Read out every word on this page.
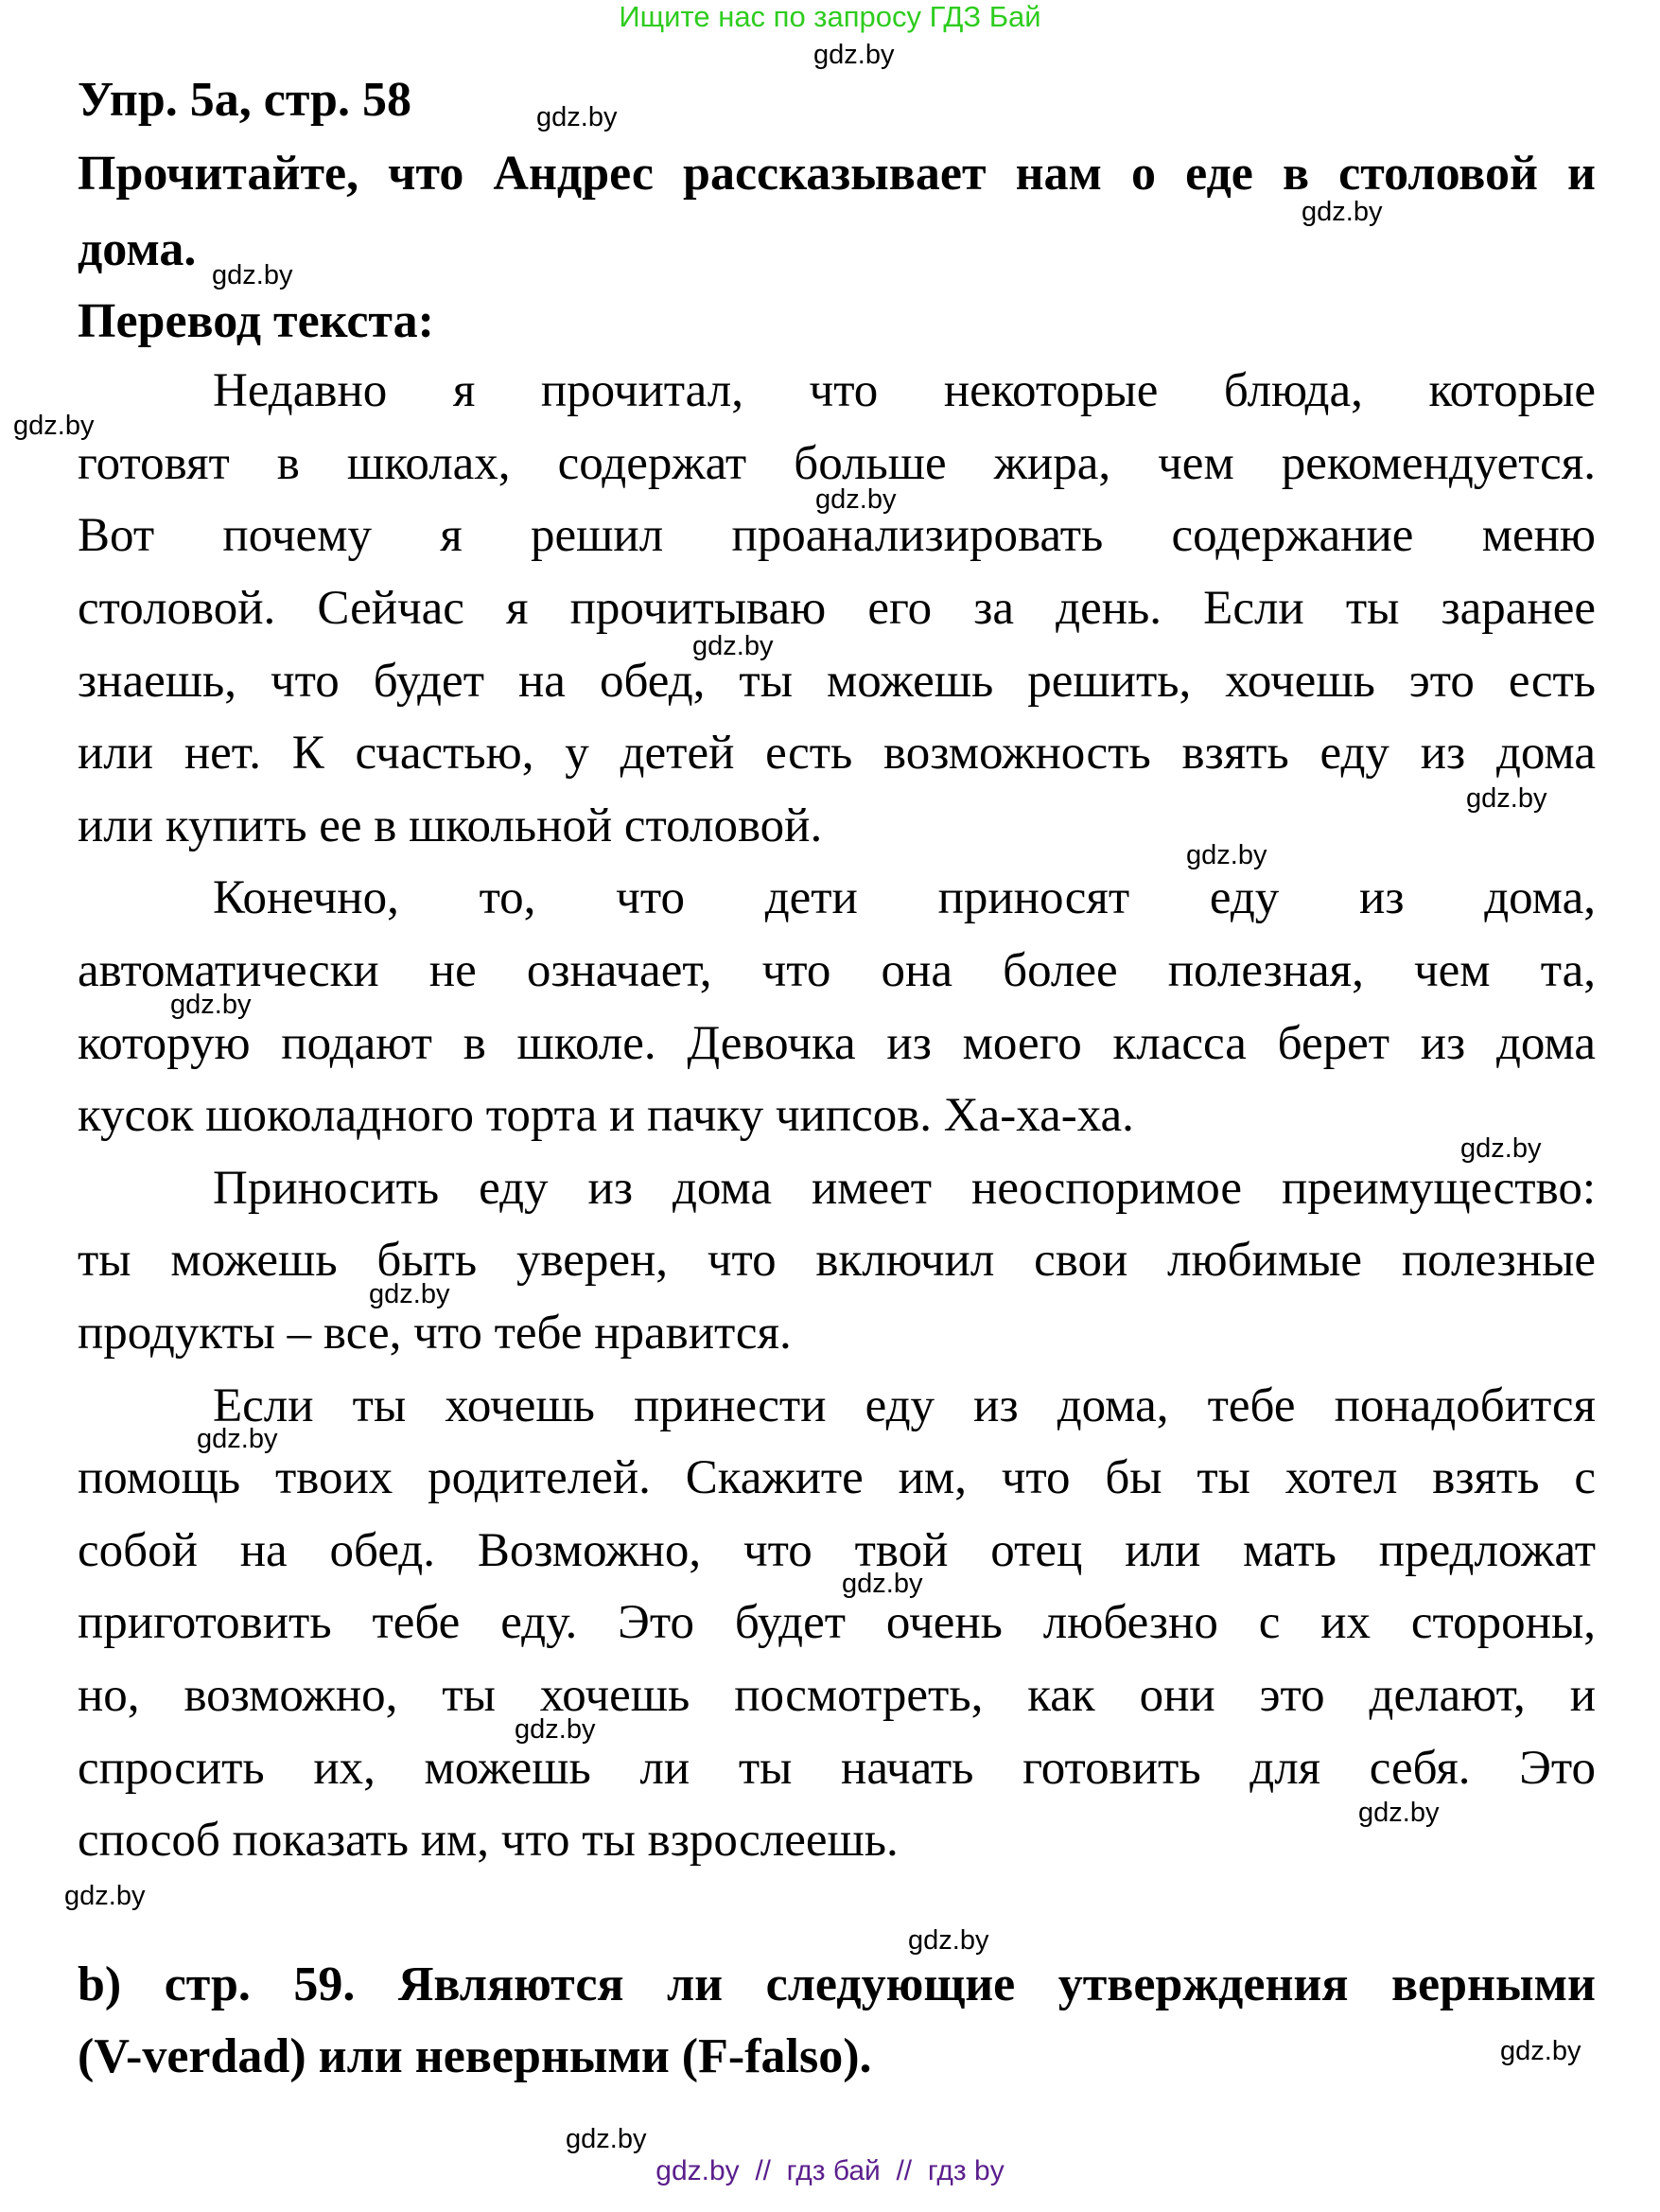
Ищите нас по запросу ГДЗ Бай
gdz.by
gdz.by
gdz.by
gdz.by
gdz.by
gdz.by
gdz.by
gdz.by
gdz.by
gdz.by
gdz.by
gdz.by
gdz.by
gdz.by
gdz.by
gdz.by
gdz.by
gdz.by
gdz.by
gdz.by
Упр. 5а, стр. 58
Прочитайте, что Андрес рассказывает нам о еде в столовой и
дома.
Перевод текста:
Недавно я прочитал, что некоторые блюда, которые
готовят в школах, содержат больше жира, чем рекомендуется.
Вот почему я решил проанализировать содержание меню
столовой. Сейчас я прочитываю его за день. Если ты заранее
знаешь, что будет на обед, ты можешь решить, хочешь это есть
или нет. К счастью, у детей есть возможность взять еду из дома
или купить ее в школьной столовой.
Конечно, то, что дети приносят еду из дома,
автоматически не означает, что она более полезная, чем та,
которую подают в школе. Девочка из моего класса берет из дома
кусок шоколадного торта и пачку чипсов. Ха-ха-ха.
Приносить еду из дома имеет неоспоримое преимущество:
ты можешь быть уверен, что включил свои любимые полезные
продукты – все, что тебе нравится.
Если ты хочешь принести еду из дома, тебе понадобится
помощь твоих родителей. Скажите им, что бы ты хотел взять с
собой на обед. Возможно, что твой отец или мать предложат
приготовить тебе еду. Это будет очень любезно с их стороны,
но, возможно, ты хочешь посмотреть, как они это делают, и
спросить их, можешь ли ты начать готовить для себя. Это
способ показать им, что ты взрослеешь.
b) стр. 59. Являются ли следующие утверждения верными
(V-verdad) или неверными (F-falso).
gdz.by  //  гдз бай  //  гдз by
